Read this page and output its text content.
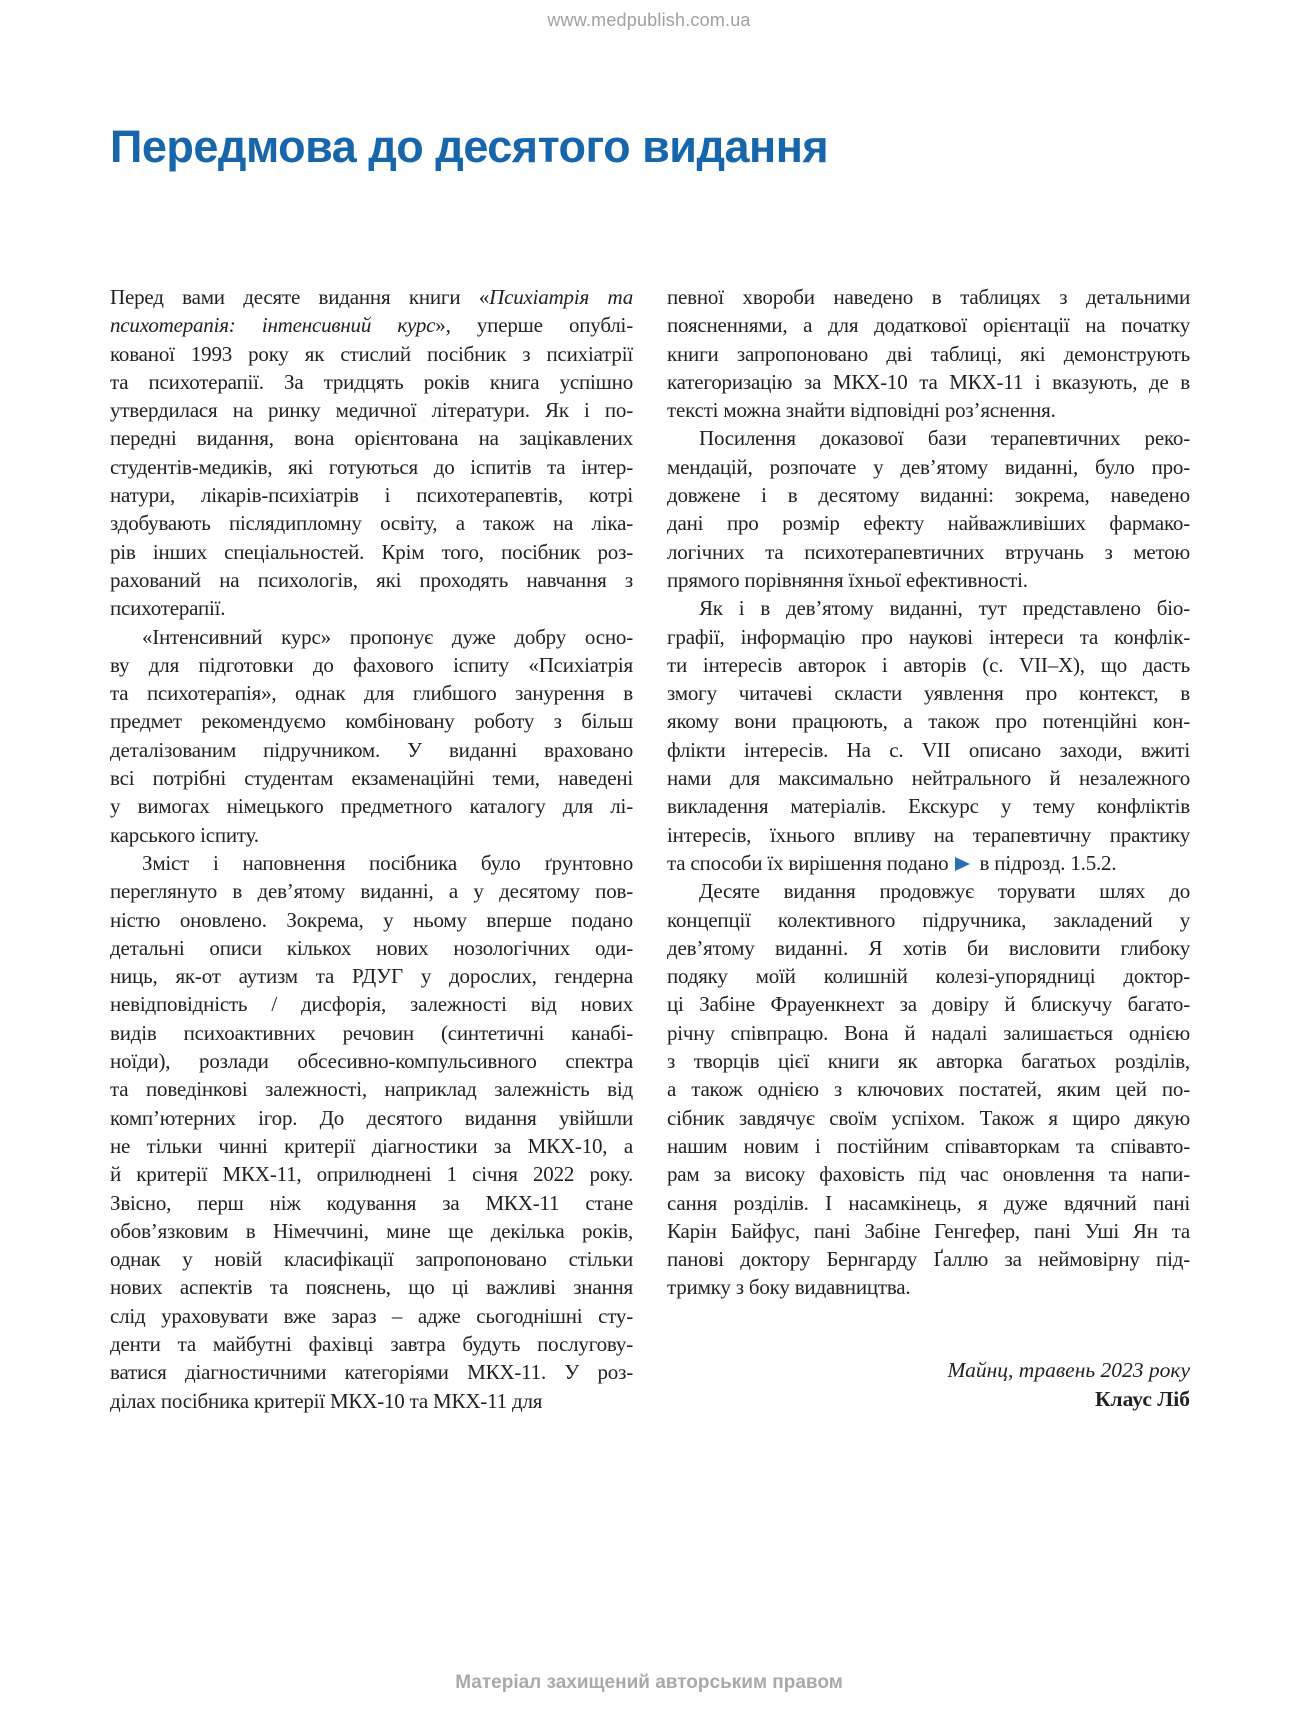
www.medpublish.com.ua
Передмова до десятого видання
Перед вами десяте видання книги «Психіатрія та
психотерапія: інтенсивний курс», уперше опублі-
кованої 1993 року як стислий посібник з психіатрії
та психотерапії. За тридцять років книга успішно
утвердилася на ринку медичної літератури. Як і по-
передні видання, вона орієнтована на зацікавлених
студентів-медиків, які готуються до іспитів та інтер-
натури, лікарів-психіатрів і психотерапевтів, котрі
здобувають післядипломну освіту, а також на ліка-
рів інших спеціальностей. Крім того, посібник роз-
рахований на психологів, які проходять навчання з
психотерапії.
«Інтенсивний курс» пропонує дуже добру осно-
ву для підготовки до фахового іспиту «Психіатрія
та психотерапія», однак для глибшого занурення в
предмет рекомендуємо комбіновану роботу з більш
деталізованим підручником. У виданні враховано
всі потрібні студентам екзаменаційні теми, наведені
у вимогах німецького предметного каталогу для лі-
карського іспиту.
Зміст і наповнення посібника було ґрунтовно
переглянуто в дев’ятому виданні, а у десятому пов-
ністю оновлено. Зокрема, у ньому вперше подано
детальні описи кількох нових нозологічних оди-
ниць, як-от аутизм та РДУГ у дорослих, гендерна
невідповідність / дисфорія, залежності від нових
видів психоактивних речовин (синтетичні канабі-
ноїди), розлади обсесивно-компульсивного спектра
та поведінкові залежності, наприклад залежність від
комп’ютерних ігор. До десятого видання увійшли
не тільки чинні критерії діагностики за МКХ-10, а
й критерії МКХ-11, оприлюднені 1 січня 2022 року.
Звісно, перш ніж кодування за МКХ-11 стане
обов’язковим в Німеччині, мине ще декілька років,
однак у новій класифікації запропоновано стільки
нових аспектів та пояснень, що ці важливі знання
слід ураховувати вже зараз – адже сьогоднішні сту-
денти та майбутні фахівці завтра будуть послугову-
ватися діагностичними категоріями МКХ-11. У роз-
ділах посібника критерії МКХ-10 та МКХ-11 для
певної хвороби наведено в таблицях з детальними
поясненнями, а для додаткової орієнтації на початку
книги запропоновано дві таблиці, які демонструють
категоризацію за МКХ-10 та МКХ-11 і вказують, де в
тексті можна знайти відповідні роз’яснення.
Посилення доказової бази терапевтичних реко-
мендацій, розпочате у дев’ятому виданні, було про-
довжене і в десятому виданні: зокрема, наведено
дані про розмір ефекту найважливіших фармако-
логічних та психотерапевтичних втручань з метою
прямого порівняння їхньої ефективності.
Як і в дев’ятому виданні, тут представлено біо-
графії, інформацію про наукові інтереси та конфлік-
ти інтересів авторок і авторів (с. VII–X), що дасть
змогу читачеві скласти уявлення про контекст, в
якому вони працюють, а також про потенційні кон-
флікти інтересів. На с. VII описано заходи, вжиті
нами для максимально нейтрального й незалежного
викладення матеріалів. Екскурс у тему конфліктів
інтересів, їхнього впливу на терапевтичну практику
та способи їх вирішення подано  в підрозд. 1.5.2.
Десяте видання продовжує торувати шлях до
концепції колективного підручника, закладений у
дев’ятому виданні. Я хотів би висловити глибоку
подяку моїй колишній колезі-упорядниці доктор-
ці Забіне Фрауенкнехт за довіру й блискучу багато-
річну співпрацю. Вона й надалі залишається однією
з творців цієї книги як авторка багатьох розділів,
а також однією з ключових постатей, яким цей по-
сібник завдячує своїм успіхом. Також я щиро дякую
нашим новим і постійним співавторкам та співавто-
рам за високу фаховість під час оновлення та напи-
сання розділів. І насамкінець, я дуже вдячний пані
Карін Байфус, пані Забіне Генгефер, пані Уші Ян та
панові доктору Бернгарду Ґаллю за неймовірну під-
тримку з боку видавництва.
Майнц, травень 2023 року
Клаус Ліб
Матеріал захищений авторським правом
